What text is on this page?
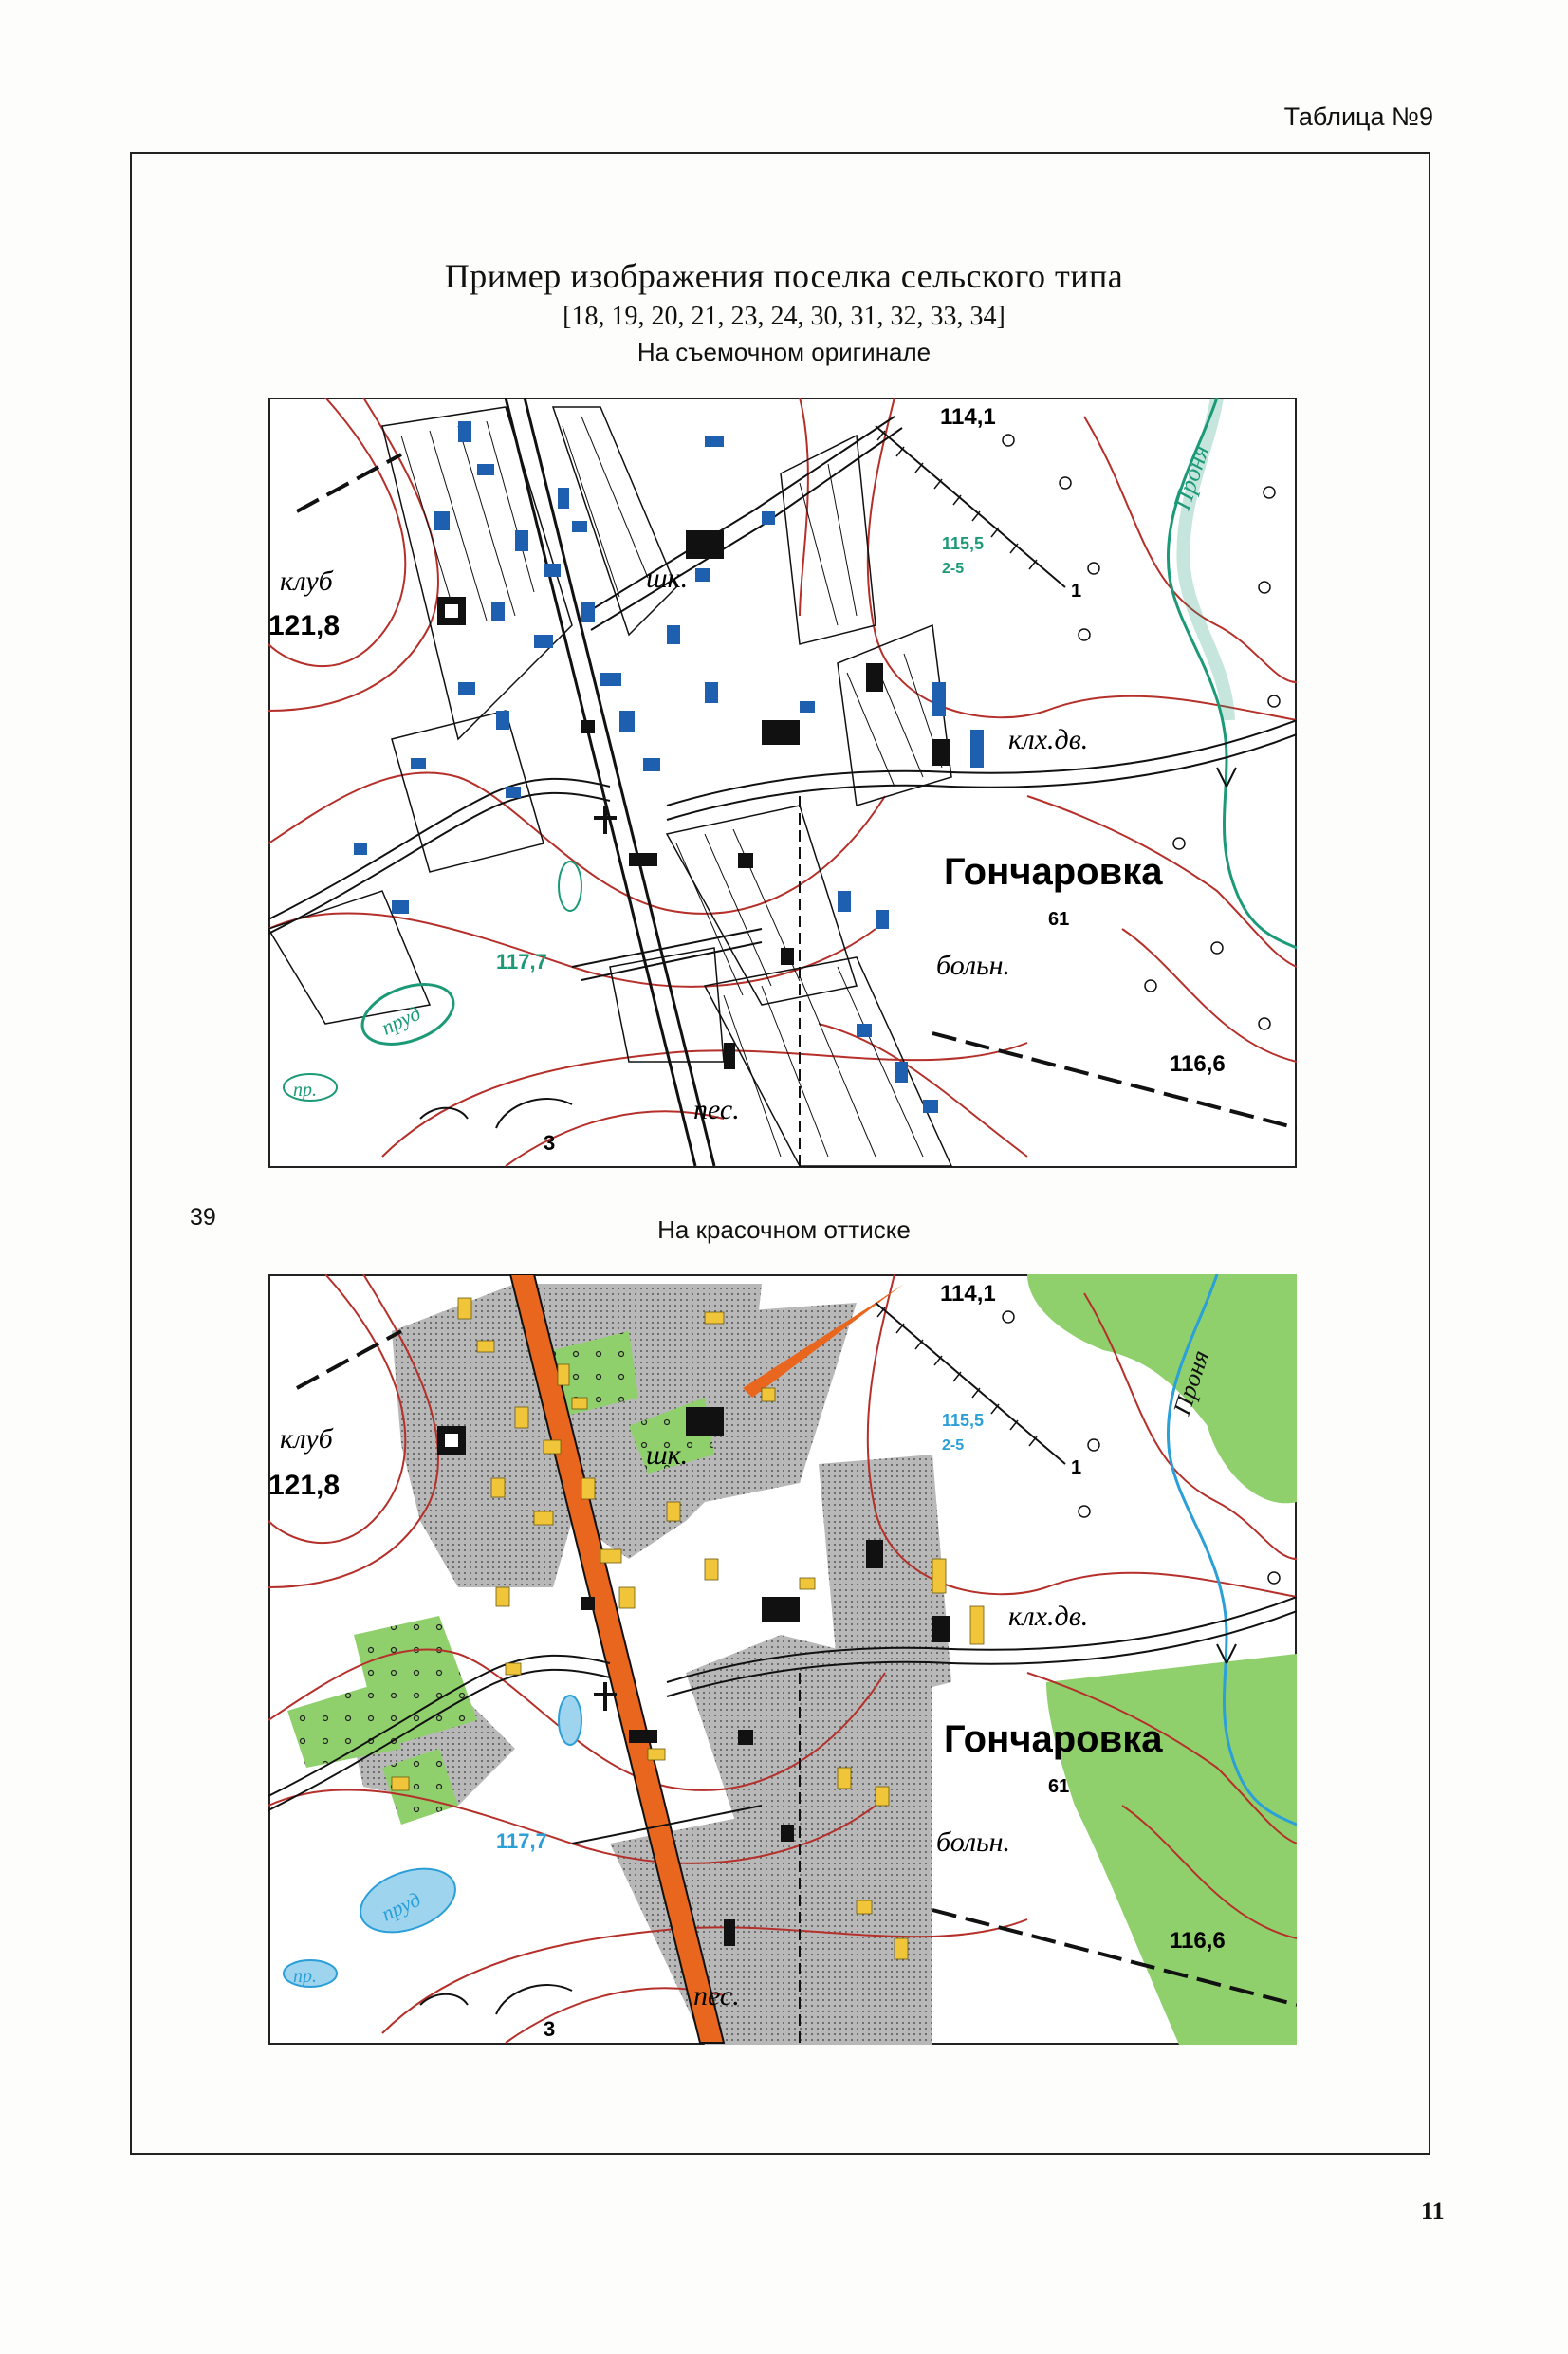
Таблица №9
Пример изображения поселка сельского типа
[18, 19, 20, 21, 23, 24, 30, 31, 32, 33, 34]
На съемочном оригинале
39	На красочном оттиске
11
клуб
121,8
шк.
114,1
115,5
2-5
Проня
клх.дв.
Гончаровка
61
больн.
пруд
пр.
117,7
116,6
пес.
3
1
клуб
121,8
шк.
114,1
115,5
2-5
Проня
клх.дв.
Гончаровка
61
больн.
пруд
пр.
117,7
116,6
пес.
3
1
